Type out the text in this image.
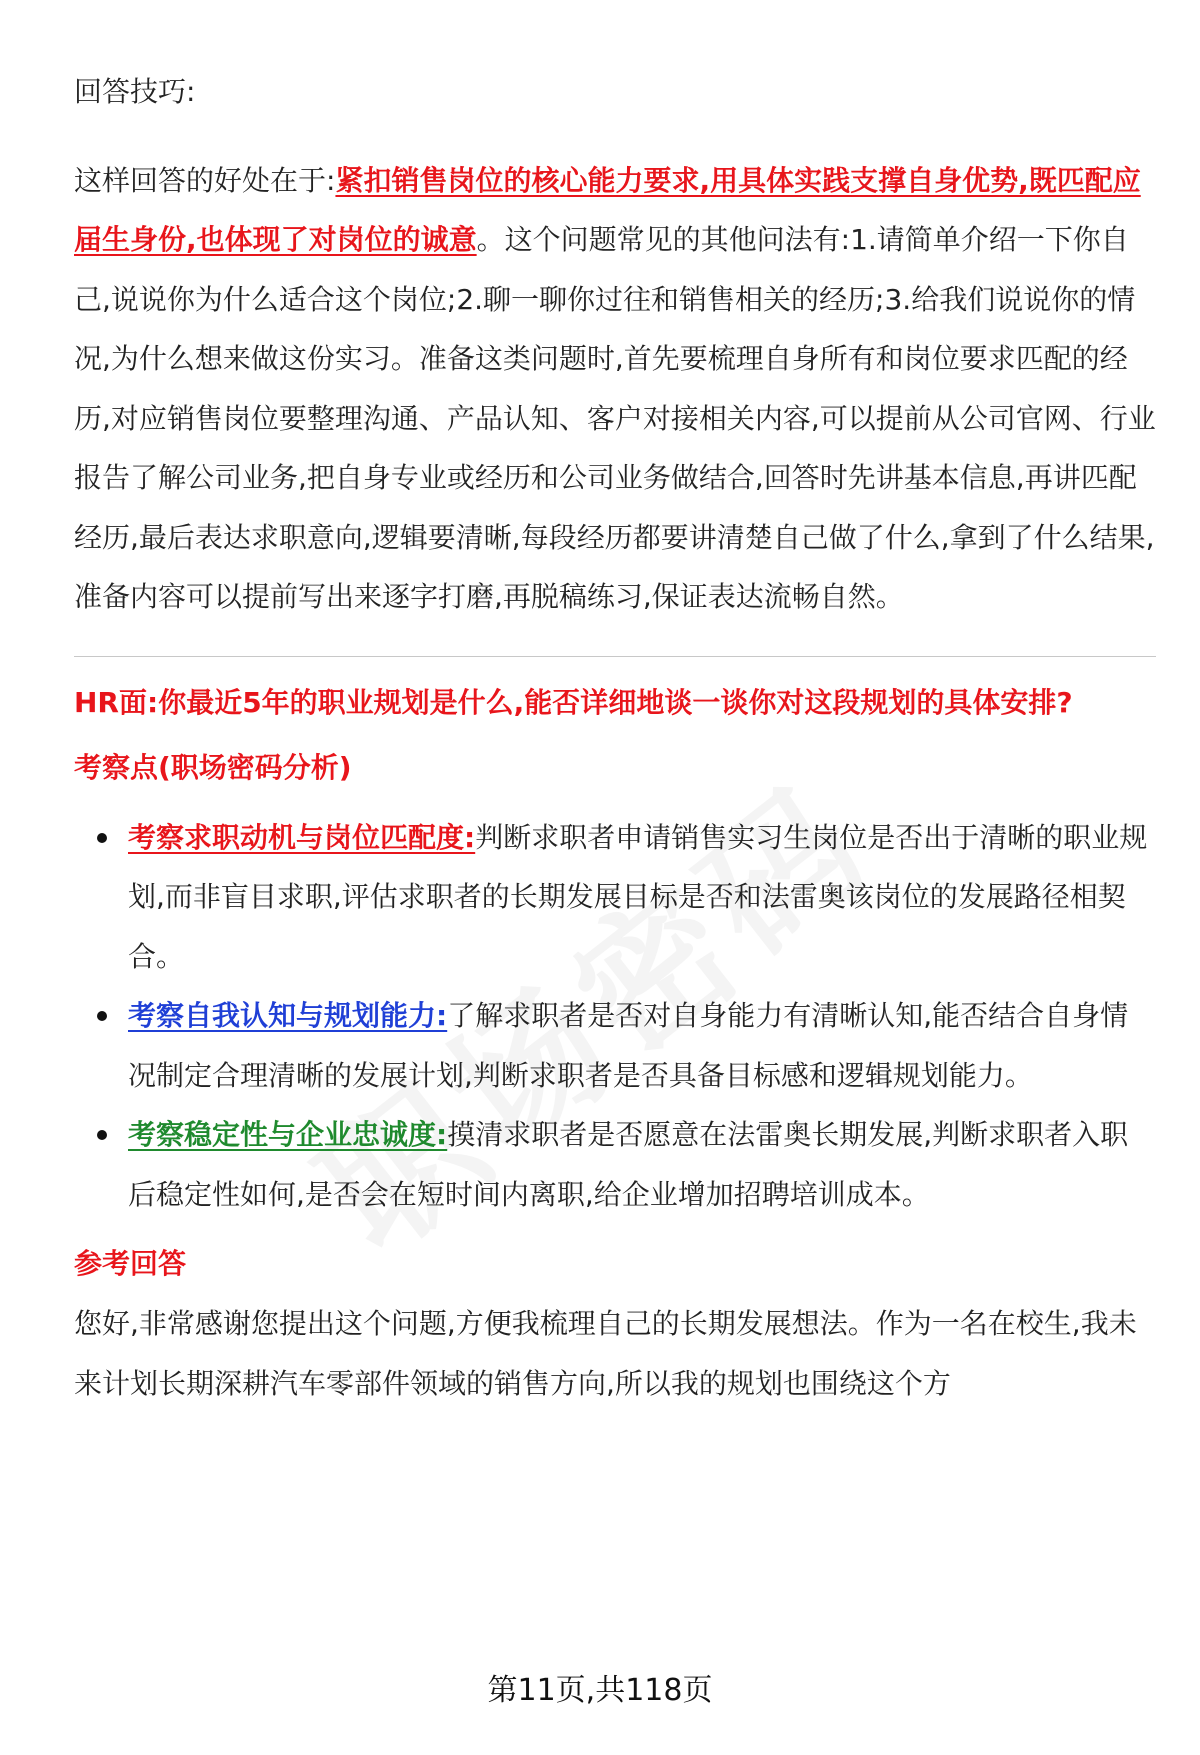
回答技巧:

这样回答的好处在于:紧扣销售岗位的核心能力要求,用具体实践支撑自身优势,既匹配应届生身份,也体现了对岗位的诚意。这个问题常见的其他问法有:1.请简单介绍一下你自己,说说你为什么适合这个岗位;2.聊一聊你过往和销售相关的经历;3.给我们说说你的情况,为什么想来做这份实习。准备这类问题时,首先要梳理自身所有和岗位要求匹配的经历,对应销售岗位要整理沟通、产品认知、客户对接相关内容,可以提前从公司官网、行业报告了解公司业务,把自身专业或经历和公司业务做结合,回答时先讲基本信息,再讲匹配经历,最后表达求职意向,逻辑要清晰,每段经历都要讲清楚自己做了什么,拿到了什么结果,准备内容可以提前写出来逐字打磨,再脱稿练习,保证表达流畅自然。

HR面:你最近5年的职业规划是什么,能否详细地谈一谈你对这段规划的具体安排?

考察点(职场密码分析)

考察求职动机与岗位匹配度:判断求职者申请销售实习生岗位是否出于清晰的职业规划,而非盲目求职,评估求职者的长期发展目标是否和法雷奥该岗位的发展路径相契合。
考察自我认知与规划能力:了解求职者是否对自身能力有清晰认知,能否结合自身情况制定合理清晰的发展计划,判断求职者是否具备目标感和逻辑规划能力。
考察稳定性与企业忠诚度:摸清求职者是否愿意在法雷奥长期发展,判断求职者入职后稳定性如何,是否会在短时间内离职,给企业增加招聘培训成本。

参考回答

您好,非常感谢您提出这个问题,方便我梳理自己的长期发展想法。作为一名在校生,我未来计划长期深耕汽车零部件领域的销售方向,所以我的规划也围绕这个方

第11页,共118页
